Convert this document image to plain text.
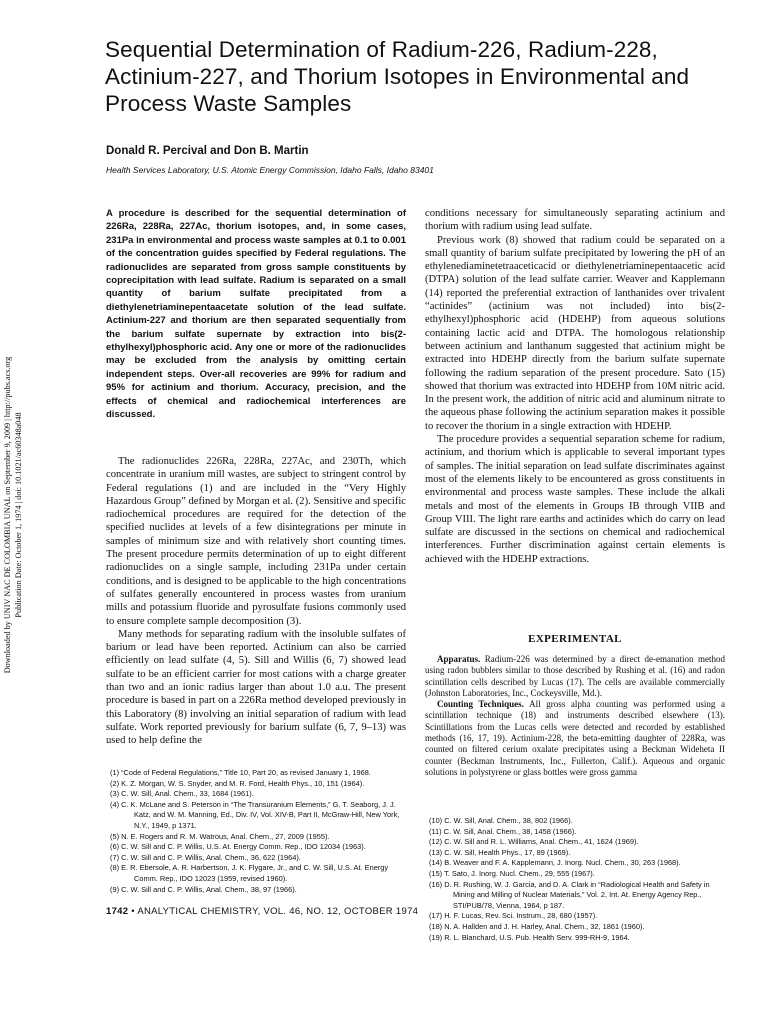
Downloaded by UNIV NAC DE COLOMBIA UNAL on September 9, 2009 | http://pubs.acs.org Publication Date: October 1, 1974 | doi: 10.1021/ac60348a048
Sequential Determination of Radium-226, Radium-228, Actinium-227, and Thorium Isotopes in Environmental and Process Waste Samples
Donald R. Percival and Don B. Martin
Health Services Laboratory, U.S. Atomic Energy Commission, Idaho Falls, Idaho 83401
A procedure is described for the sequential determination of 226Ra, 228Ra, 227Ac, thorium isotopes, and, in some cases, 231Pa in environmental and process waste samples at 0.1 to 0.001 of the concentration guides specified by Federal regulations. The radionuclides are separated from gross sample constituents by coprecipitation with lead sulfate. Radium is separated on a small quantity of barium sulfate precipitated from a diethylenetriaminepentaacetate solution of the lead sulfate. Actinium-227 and thorium are then separated sequentially from the barium sulfate supernate by extraction into bis(2-ethylhexyl)phosphoric acid. Any one or more of the radionuclides may be excluded from the analysis by omitting certain independent steps. Over-all recoveries are 99% for radium and 95% for actinium and thorium. Accuracy, precision, and the effects of chemical and radiochemical interferences are discussed.

The radionuclides 226Ra, 228Ra, 227Ac, and 230Th, which concentrate in uranium mill wastes, are subject to stringent control by Federal regulations (1) and are included in the “Very Highly Hazardous Group” defined by Morgan et al. (2). Sensitive and specific radiochemical procedures are required for the detection of the specified nuclides at levels of a few disintegrations per minute in samples of minimum size and with relatively short counting times. The present procedure permits determination of up to eight different radionuclides on a single sample, including 231Pa under certain conditions, and is designed to be applicable to the high concentrations of sulfates generally encountered in process wastes from uranium mills and potassium fluoride and pyrosulfate fusions commonly used to ensure complete sample decomposition (3).

Many methods for separating radium with the insoluble sulfates of barium or lead have been reported. Actinium can also be carried efficiently on lead sulfate (4, 5). Sill and Willis (6, 7) showed lead sulfate to be an efficient carrier for most cations with a charge greater than two and an ionic radius larger than about 1.0 a.u. The present procedure is based in part on a 226Ra method developed previously in this Laboratory (8) involving an initial separation of radium with lead sulfate. Work reported previously for barium sulfate (6, 7, 9–13) was used to help define the

(1) “Code of Federal Regulations,” Title 10, Part 20, as revised January 1, 1968.
(2) K. Z. Morgan, W. S. Snyder, and M. R. Ford, Health Phys., 10, 151 (1964).
(3) C. W. Sill, Anal. Chem., 33, 1684 (1961).
(4) C. K. McLane and S. Peterson in “The Transuranium Elements,” G. T. Seaborg, J. J. Katz, and W. M. Manning, Ed., Div. IV, Vol. XIV-B, Part II, McGraw-Hill, New York, N.Y., 1949, p 1371.
(5) N. E. Rogers and R. M. Watrous, Anal. Chem., 27, 2009 (1955).
(6) C. W. Sill and C. P. Willis, U.S. At. Energy Comm. Rep., IDO 12034 (1963).
(7) C. W. Sill and C. P. Willis, Anal. Chem., 36, 622 (1964).
(8) E. R. Ebersole, A. R. Harbertson, J. K. Flygare, Jr., and C. W. Sill, U.S. At. Energy Comm. Rep., IDO 12023 (1959, revised 1960).
(9) C. W. Sill and C. P. Willis, Anal. Chem., 38, 97 (1966).

conditions necessary for simultaneously separating actinium and thorium with radium using lead sulfate.

Previous work (8) showed that radium could be separated on a small quantity of barium sulfate precipitated by lowering the pH of an ethylenediaminetetraaceticacid or diethylenetriaminepentaacetic acid (DTPA) solution of the lead sulfate carrier. Weaver and Kapplemann (14) reported the preferential extraction of lanthanides over trivalent “actinides” (actinium was not included) into bis(2-ethylhexyl)phosphoric acid (HDEHP) from aqueous solutions containing lactic acid and DTPA. The homologous relationship between actinium and lanthanum suggested that actinium might be extracted into HDEHP directly from the barium sulfate supernate following the radium separation of the present procedure. Sato (15) showed that thorium was extracted into HDEHP from 10M nitric acid. In the present work, the addition of nitric acid and aluminum nitrate to the aqueous phase following the actinium separation makes it possible to recover the thorium in a single extraction with HDEHP.

The procedure provides a sequential separation scheme for radium, actinium, and thorium which is applicable to several important types of samples. The initial separation on lead sulfate discriminates against most of the elements likely to be encountered as gross constituents in environmental and process waste samples. These include the alkali metals and most of the elements in Groups IB through VIIB and Group VIII. The light rare earths and actinides which do carry on lead sulfate are discussed in the sections on chemical and radiochemical interferences. Further discrimination against certain elements is achieved with the HDEHP extractions.

EXPERIMENTAL

Apparatus. Radium-226 was determined by a direct de-emanation method using radon bubblers similar to those described by Rushing et al. (16) and radon scintillation cells described by Lucas (17). The cells are available commercially (Johnston Laboratories, Inc., Cockeysville, Md.).

Counting Techniques. All gross alpha counting was performed using a scintillation technique (18) and instruments described elsewhere (13). Scintillations from the Lucas cells were detected and recorded by established methods (16, 17, 19). Actinium-228, the beta-emitting daughter of 228Ra, was counted on filtered cerium oxalate precipitates using a Beckman Wideheta II counter (Beckman Instruments, Inc., Fullerton, Calif.). Aqueous and organic solutions in polystyrene or glass bottles were gross gamma

(10) C. W. Sill, Anal. Chem., 38, 802 (1966).
(11) C. W. Sill, Anal. Chem., 38, 1458 (1966).
(12) C. W. Sill and R. L. Williams, Anal. Chem., 41, 1624 (1969).
(13) C. W. Sill, Health Phys., 17, 89 (1969).
(14) B. Weaver and F. A. Kapplemann, J. Inorg. Nucl. Chem., 30, 263 (1968).
(15) T. Sato, J. Inorg. Nucl. Chem., 29, 555 (1967).
(16) D. R. Rushing, W. J. Garcia, and D. A. Clark in “Radiological Health and Safety in Mining and Milling of Nuclear Materials,” Vol. 2, Int. At. Energy Agency Rep., STI/PUB/78, Vienna, 1964, p 187.
(17) H. F. Lucas, Rev. Sci. Instrum., 28, 680 (1957).
(18) N. A. Hallden and J. H. Harley, Anal. Chem., 32, 1861 (1960).
(19) R. L. Blanchard, U.S. Pub. Health Serv. 999-RH-9, 1964.
1742 • ANALYTICAL CHEMISTRY, VOL. 46, NO. 12, OCTOBER 1974
